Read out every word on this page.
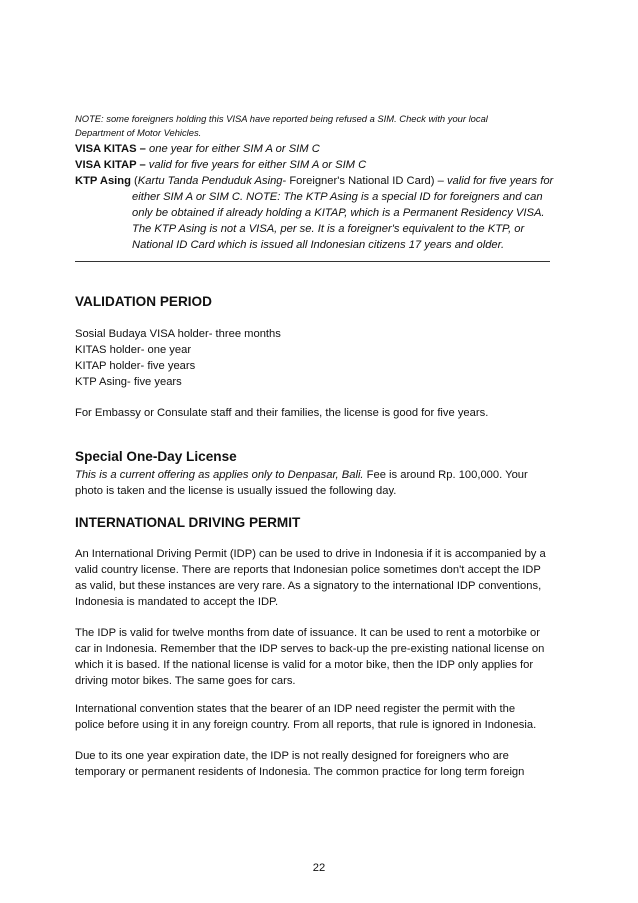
NOTE: some foreigners holding this VISA have reported being refused a SIM. Check with your local
Department of Motor Vehicles.
VISA KITAS – one year for either SIM A or SIM C
VISA KITAP – valid for five years for either SIM A or SIM C
KTP Asing (Kartu Tanda Penduduk Asing- Foreigner's National ID Card) – valid for five years for
either SIM A or SIM C. NOTE: The KTP Asing is a special ID for foreigners and can
only be obtained if already holding a KITAP, which is a Permanent Residency VISA.
The KTP Asing is not a VISA, per se. It is a foreigner's equivalent to the KTP, or
National ID Card which is issued all Indonesian citizens 17 years and older.
VALIDATION PERIOD
Sosial Budaya VISA holder- three months
KITAS holder- one year
KITAP holder- five years
KTP Asing- five years
For Embassy or Consulate staff and their families, the license is good for five years.
Special One-Day License
This is a current offering as applies only to Denpasar, Bali. Fee is around Rp. 100,000. Your
photo is taken and the license is usually issued the following day.
INTERNATIONAL DRIVING PERMIT
An International Driving Permit (IDP) can be used to drive in Indonesia if it is accompanied by a
valid country license. There are reports that Indonesian police sometimes don't accept the IDP
as valid, but these instances are very rare. As a signatory to the international IDP conventions,
Indonesia is mandated to accept the IDP.
The IDP is valid for twelve months from date of issuance. It can be used to rent a motorbike or
car in Indonesia. Remember that the IDP serves to back-up the pre-existing national license on
which it is based. If the national license is valid for a motor bike, then the IDP only applies for
driving motor bikes. The same goes for cars.
International convention states that the bearer of an IDP need register the permit with the
police before using it in any foreign country. From all reports, that rule is ignored in Indonesia.
Due to its one year expiration date, the IDP is not really designed for foreigners who are
temporary or permanent residents of Indonesia. The common practice for long term foreign
22
